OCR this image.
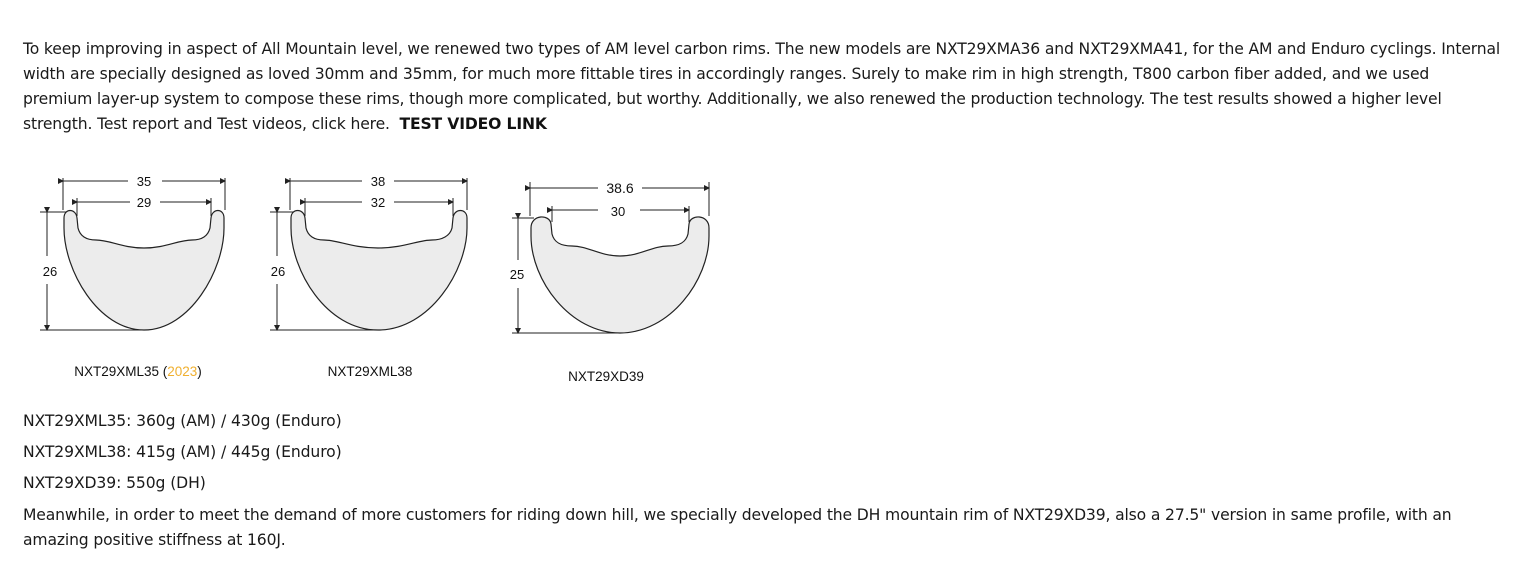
To keep improving in aspect of All Mountain level, we renewed two types of AM level carbon rims. The new models are NXT29XMA36 and NXT29XMA41, for the AM and Enduro cyclings. Internal width are specially designed as loved 30mm and 35mm, for much more fittable tires in accordingly ranges. Surely to make rim in high strength, T800 carbon fiber added, and we used premium layer-up system to compose these rims, though more complicated, but worthy. Additionally, we also renewed the production technology. The test results showed a higher level strength. Test report and Test videos, click here. TEST VIDEO LINK

35
29
26
NXT29XML35 (2023)
38
32
26
NXT29XML38
38.6
30
25
NXT29XD39

NXT29XML35: 360g (AM) / 430g (Enduro)

NXT29XML38: 415g (AM) / 445g (Enduro)

NXT29XD39: 550g (DH)

Meanwhile, in order to meet the demand of more customers for riding down hill, we specially developed the DH mountain rim of NXT29XD39, also a 27.5" version in same profile, with an amazing positive stiffness at 160J.
